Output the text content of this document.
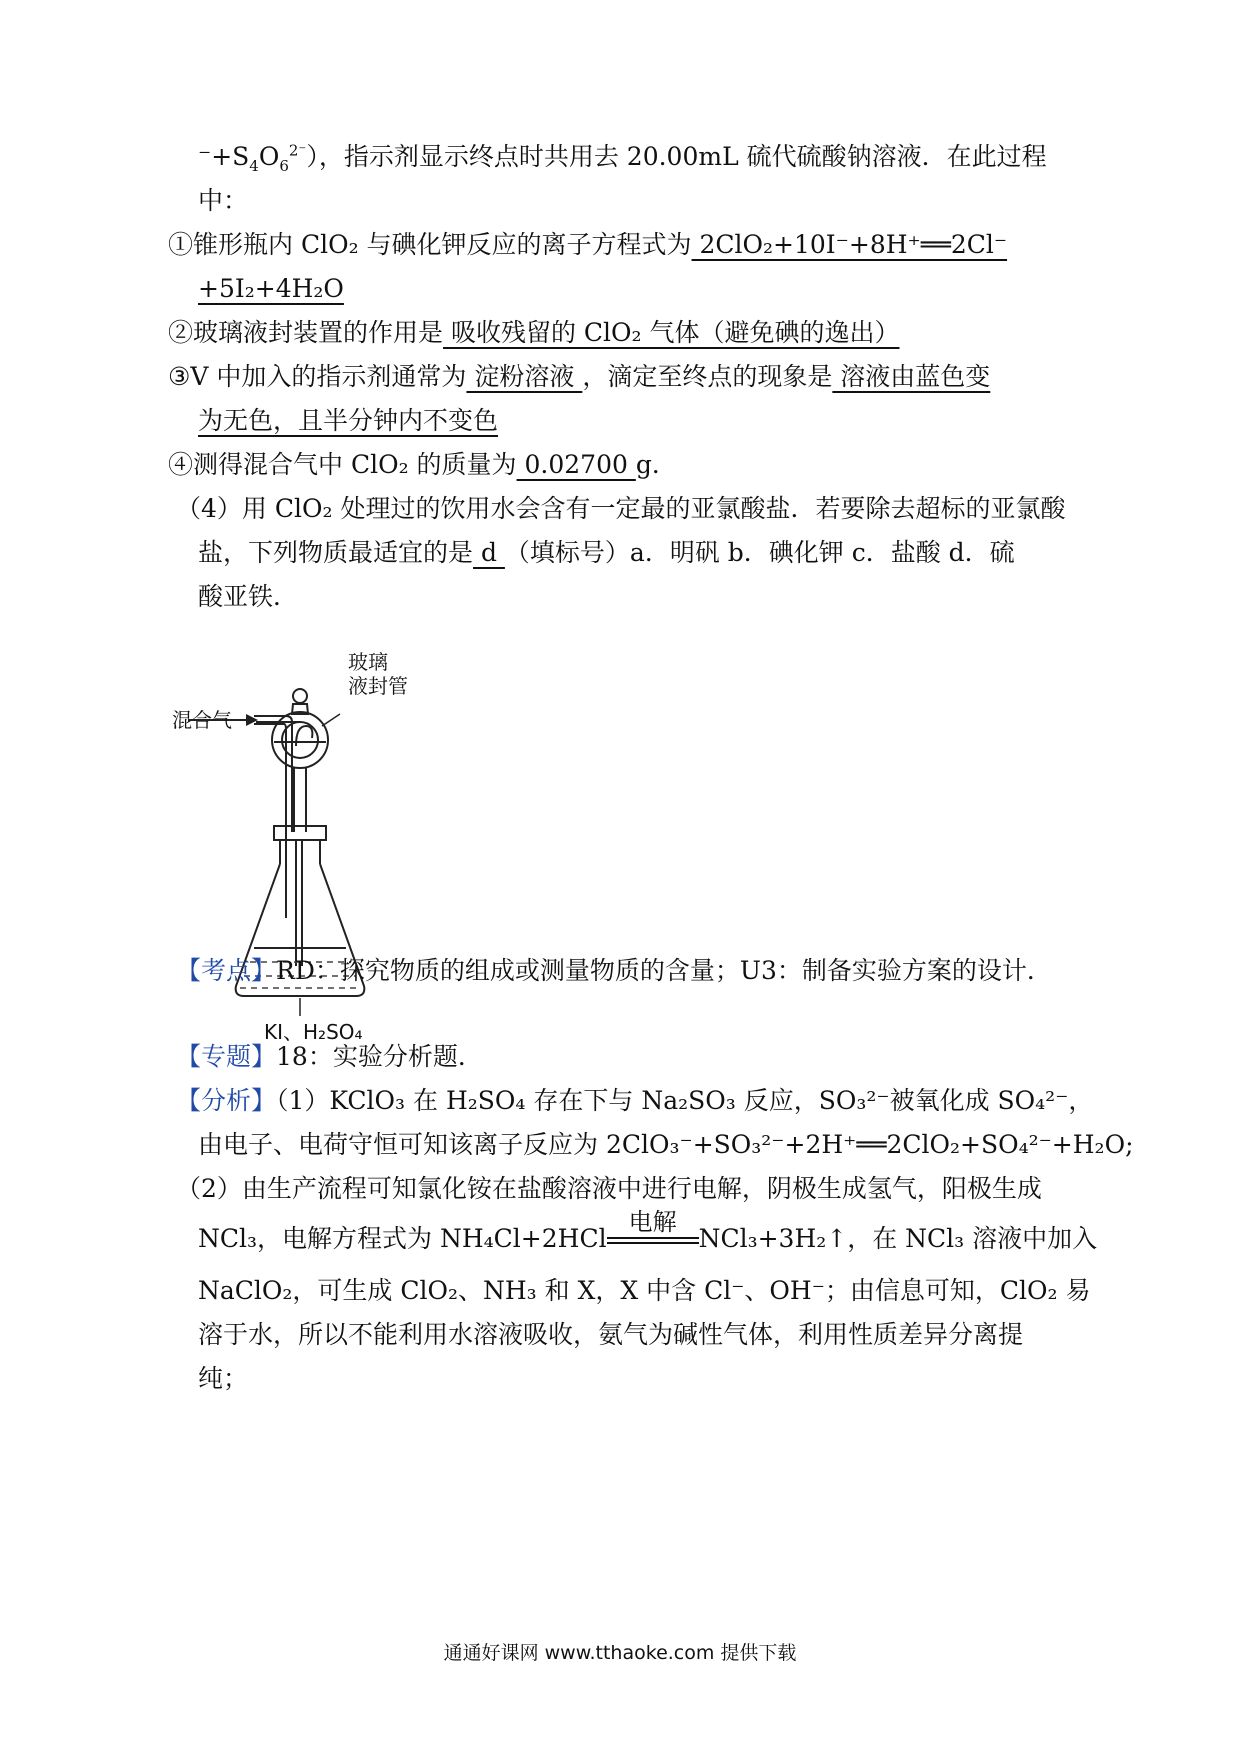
$^-+S_4O_6^{2^-}$），指示剂显示终点时共用去 20.00mL 硫代硫酸钠溶液．在此过程
中：
①锥形瓶内 ClO₂ 与碘化钾反应的离子方程式为 2ClO₂+10I⁻+8H⁺══2Cl⁻
+5I₂+4H₂O
②玻璃液封装置的作用是 吸收残留的 ClO₂ 气体（避免碘的逸出）
③V 中加入的指示剂通常为 淀粉溶液 ，滴定至终点的现象是 溶液由蓝色变
为无色，且半分钟内不变色
④测得混合气中 ClO₂ 的质量为 0.02700 g．
（4）用 ClO₂ 处理过的饮用水会含有一定最的亚氯酸盐．若要除去超标的亚氯酸
盐，下列物质最适宜的是 d （填标号）a．明矾 b．碘化钾 c．盐酸 d．硫
酸亚铁．
玻璃
液封管
混合气
KI、H₂SO₄
【考点】RD：探究物质的组成或测量物质的含量；U3：制备实验方案的设计．
【专题】18：实验分析题．
【分析】（1）KClO₃ 在 H₂SO₄ 存在下与 Na₂SO₃ 反应，SO₃²⁻被氧化成 SO₄²⁻，
由电子、电荷守恒可知该离子反应为 2ClO₃⁻+SO₃²⁻+2H⁺══2ClO₂+SO₄²⁻+H₂O;
（2）由生产流程可知氯化铵在盐酸溶液中进行电解，阴极生成氢气，阳极生成
NCl₃，电解方程式为 NH₄Cl+2HCl
电解
NCl₃+3H₂↑，在 NCl₃ 溶液中加入
NaClO₂，可生成 ClO₂、NH₃ 和 X，X 中含 Cl⁻、OH⁻；由信息可知，ClO₂ 易
溶于水，所以不能利用水溶液吸收，氨气为碱性气体，利用性质差异分离提
纯；
通通好课网 www.tthaoke.com 提供下载
